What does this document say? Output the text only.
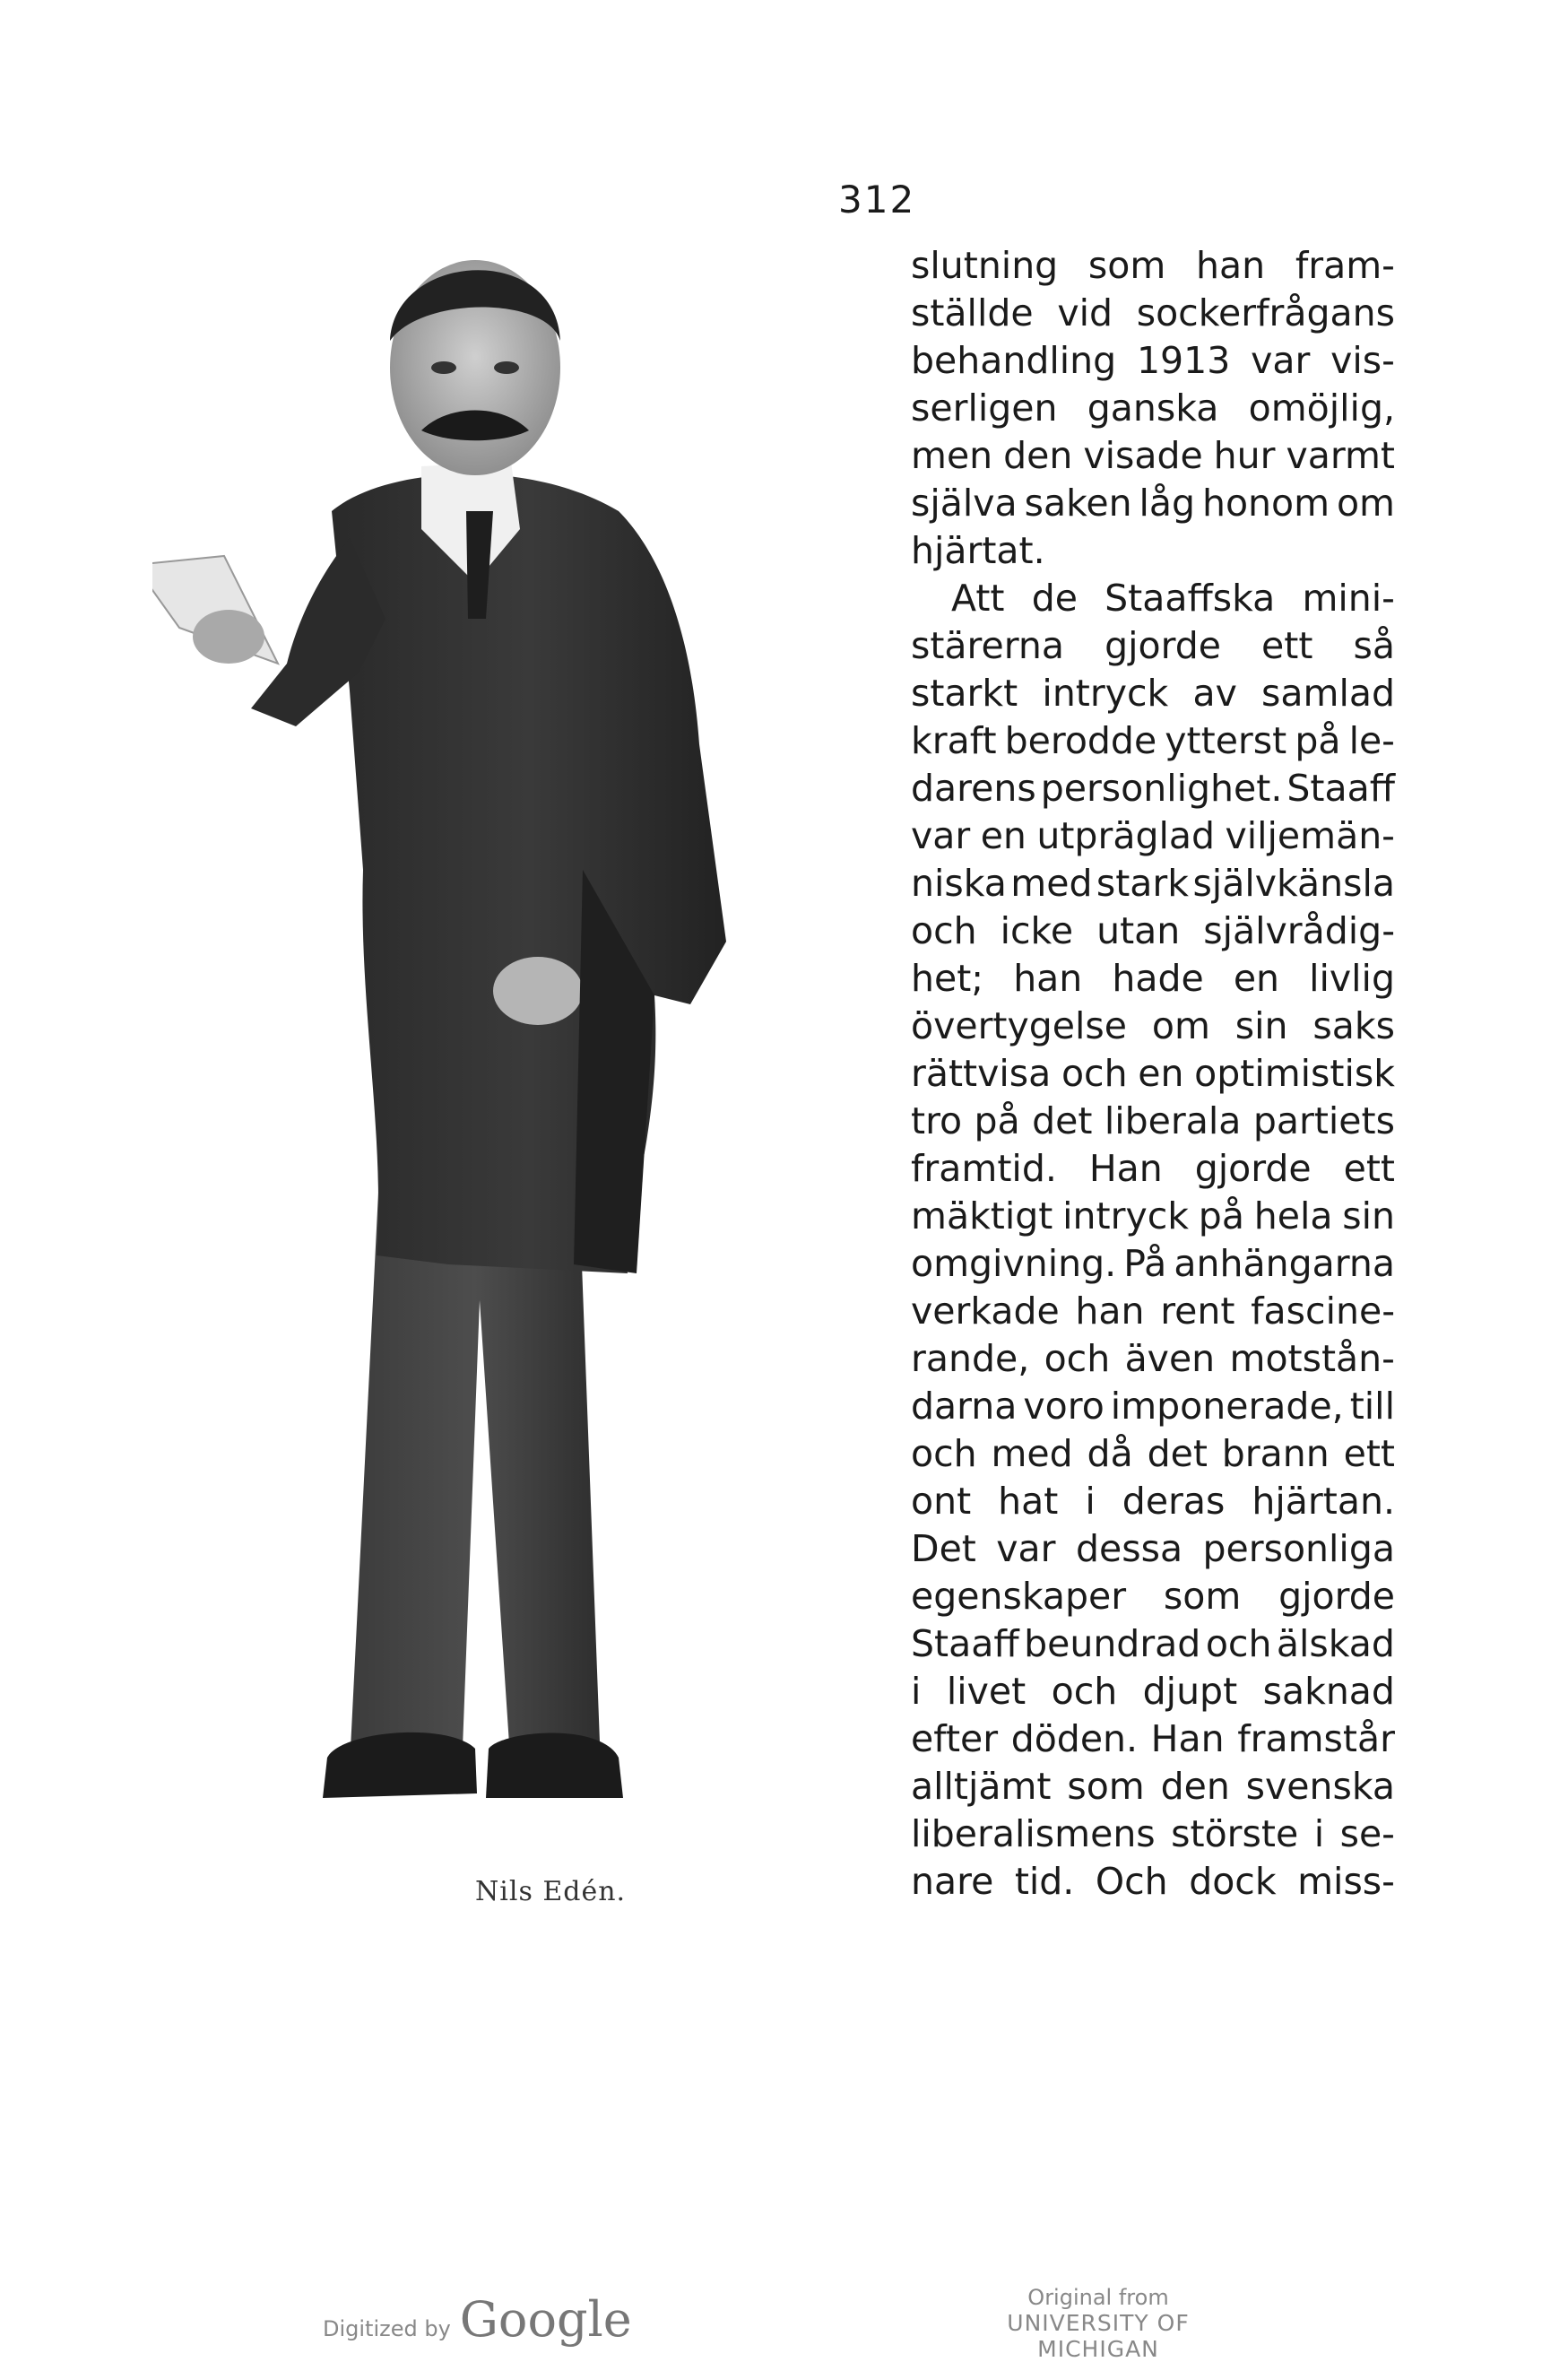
312
Nils Edén.
slutning som han fram-
ställde vid sockerfrågans
behandling 1913 var vis-
serligen ganska omöjlig,
men den visade hur varmt
själva saken låg honom om
hjärtat.
Att de Staaffska mini-
stärerna gjorde ett så
starkt intryck av samlad
kraft berodde ytterst på le-
darens personlighet. Staaff
var en utpräglad viljemän-
niska med stark självkänsla
och icke utan självrådig-
het; han hade en livlig
övertygelse om sin saks
rättvisa och en optimistisk
tro på det liberala partiets
framtid. Han gjorde ett
mäktigt intryck på hela sin
omgivning. På anhängarna
verkade han rent fascine-
rande, och även motstån-
darna voro imponerade, till
och med då det brann ett
ont hat i deras hjärtan.
Det var dessa personliga
egenskaper som gjorde
Staaff beundrad och älskad
i livet och djupt saknad
efter döden. Han framstår
alltjämt som den svenska
liberalismens störste i se-
nare tid. Och dock miss-
Digitized by Google	Original from
UNIVERSITY OF MICHIGAN
